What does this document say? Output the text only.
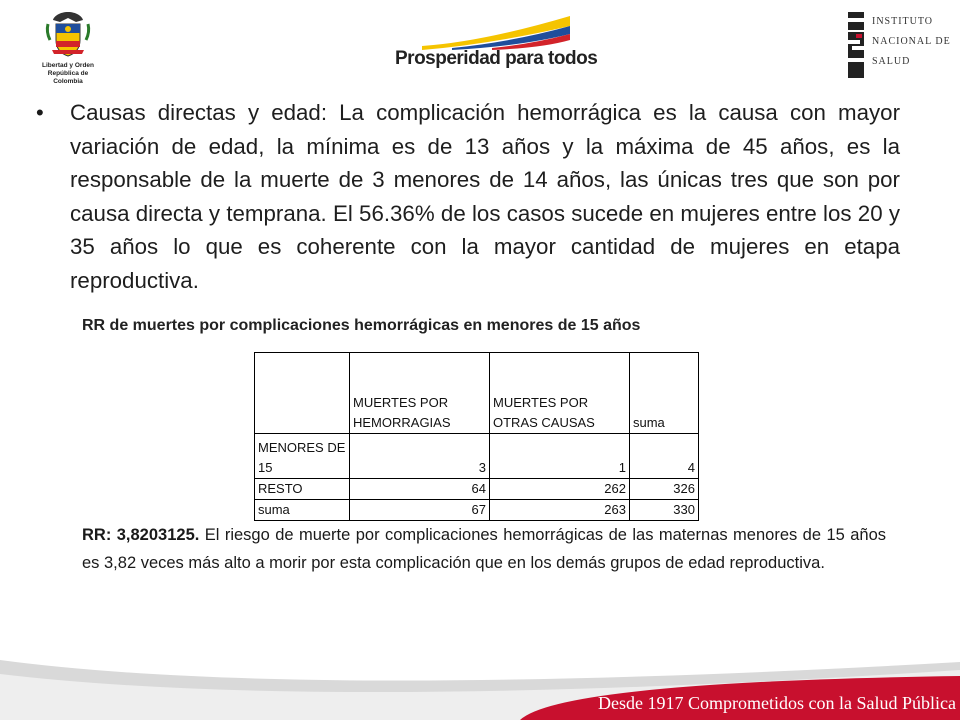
Libertad y Orden
República de Colombia
Prosperidad para todos
INSTITUTO
NACIONAL DE
SALUD
• Causas directas y edad: La complicación hemorrágica es la causa con mayor variación de edad, la mínima es de 13 años y la máxima de 45 años, es la responsable de la muerte de 3 menores de 14 años, las únicas tres que son por causa directa y temprana. El 56.36% de los casos sucede en mujeres entre los 20 y 35 años lo que es coherente con la mayor cantidad de mujeres en etapa reproductiva.

RR de muertes por complicaciones hemorrágicas en menores de 15 años
	MUERTES POR HEMORRAGIAS	MUERTES POR OTRAS CAUSAS	suma
MENORES DE 15	3	1	4
RESTO	64	262	326
suma	67	263	330

RR: 3,8203125. El riesgo de muerte por complicaciones hemorrágicas de las maternas menores de 15 años es 3,82 veces más alto a morir por esta complicación que en los demás grupos de edad reproductiva.

Desde 1917 Comprometidos con la Salud Pública
